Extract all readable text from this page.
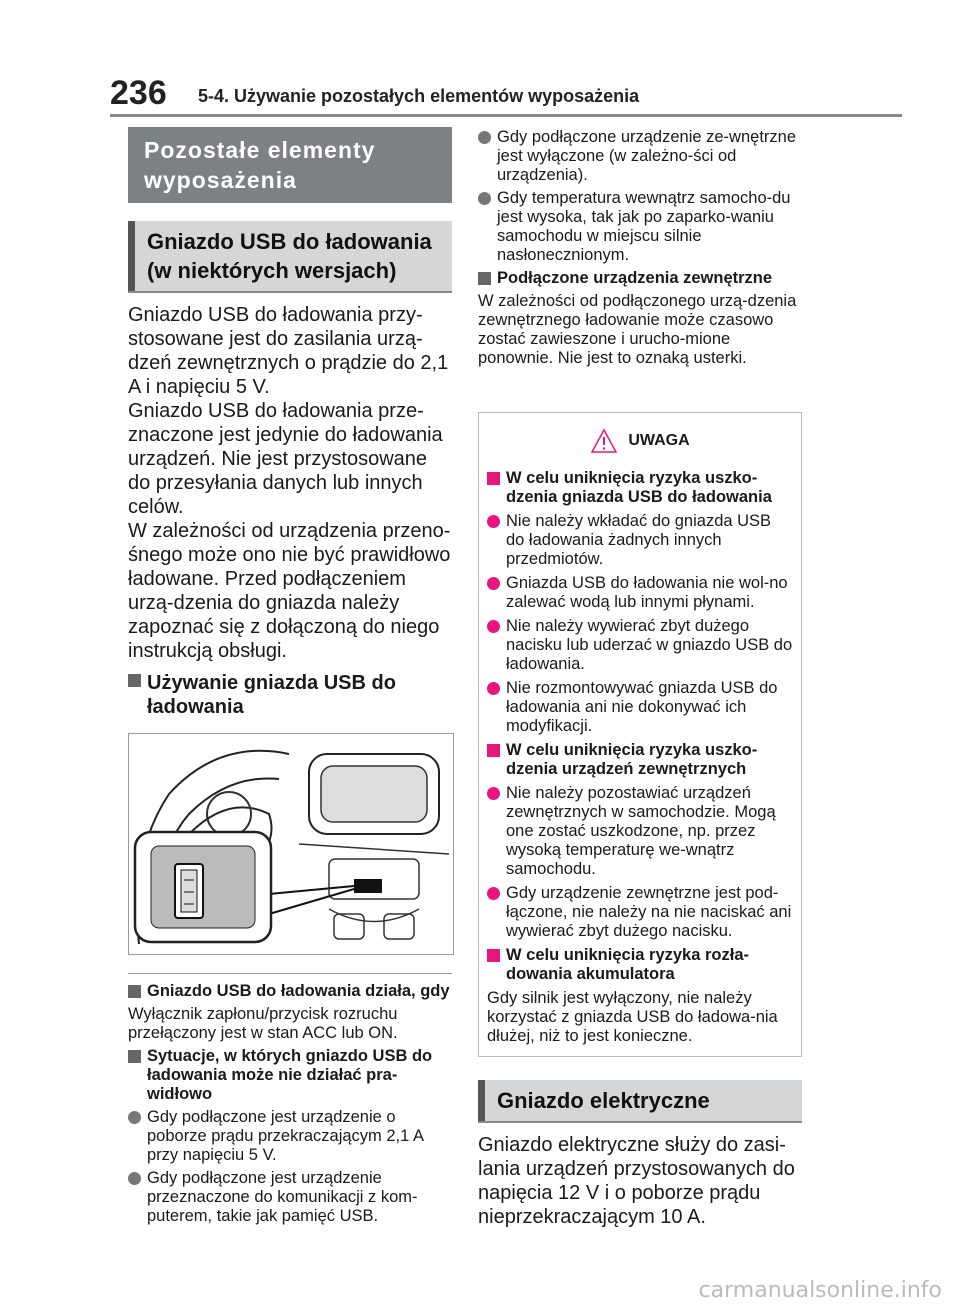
236 5-4. Używanie pozostałych elementów wyposażenia
Pozostałe elementy wyposażenia
Gniazdo USB do ładowania (w niektórych wersjach)

Gniazdo USB do ładowania przy-stosowane jest do zasilania urzą-dzeń zewnętrznych o prądzie do 2,1 A i napięciu 5 V.

Gniazdo USB do ładowania prze-znaczone jest jedynie do ładowania urządzeń. Nie jest przystosowane do przesyłania danych lub innych celów.

W zależności od urządzenia przeno-śnego może ono nie być prawidłowo ładowane. Przed podłączeniem urzą-dzenia do gniazda należy zapoznać się z dołączoną do niego instrukcją obsługi.

Używanie gniazda USB do ładowania
Gniazdo USB do ładowania działa, gdy

Wyłącznik zapłonu/przycisk rozruchu przełączony jest w stan ACC lub ON.

Sytuacje, w których gniazdo USB do ładowania może nie działać pra-widłowo
Gdy podłączone jest urządzenie o poborze prądu przekraczającym 2,1 A przy napięciu 5 V.
Gdy podłączone jest urządzenie przeznaczone do komunikacji z kom-puterem, takie jak pamięć USB.
Gdy podłączone urządzenie ze-wnętrzne jest wyłączone (w zależno-ści od urządzenia).
Gdy temperatura wewnątrz samocho-du jest wysoka, tak jak po zaparko-waniu samochodu w miejscu silnie nasłonecznionym.
Podłączone urządzenia zewnętrzne

W zależności od podłączonego urzą-dzenia zewnętrznego ładowanie może czasowo zostać zawieszone i urucho-mione ponownie. Nie jest to oznaką usterki.

UWAGA
W celu uniknięcia ryzyka uszko-dzenia gniazda USB do ładowania
Nie należy wkładać do gniazda USB do ładowania żadnych innych przedmiotów.
Gniazda USB do ładowania nie wol-no zalewać wodą lub innymi płynami.
Nie należy wywierać zbyt dużego nacisku lub uderzać w gniazdo USB do ładowania.
Nie rozmontowywać gniazda USB do ładowania ani nie dokonywać ich modyfikacji.
W celu uniknięcia ryzyka uszko-dzenia urządzeń zewnętrznych
Nie należy pozostawiać urządzeń zewnętrznych w samochodzie. Mogą one zostać uszkodzone, np. przez wysoką temperaturę we-wnątrz samochodu.
Gdy urządzenie zewnętrzne jest pod-łączone, nie należy na nie naciskać ani wywierać zbyt dużego nacisku.
W celu uniknięcia ryzyka rozła-dowania akumulatora

Gdy silnik jest wyłączony, nie należy korzystać z gniazda USB do ładowa-nia dłużej, niż to jest konieczne.

Gniazdo elektryczne

Gniazdo elektryczne służy do zasi-lania urządzeń przystosowanych do napięcia 12 V i o poborze prądu nieprzekraczającym 10 A.

carmanualsonline.info
